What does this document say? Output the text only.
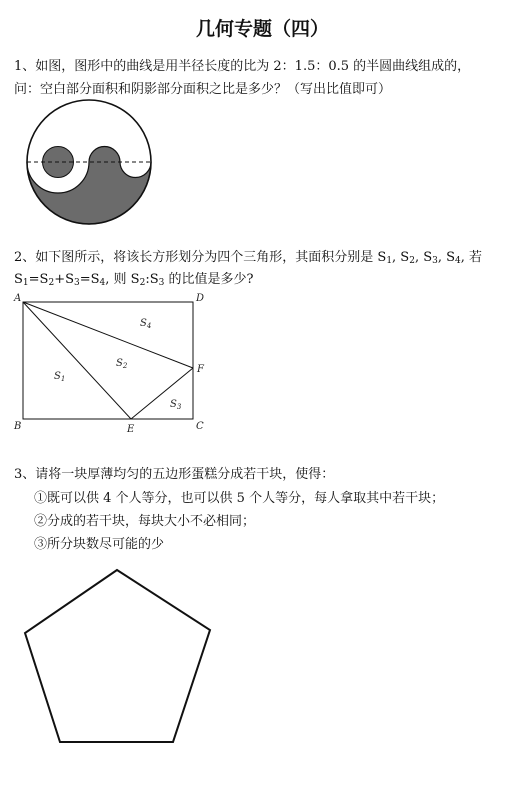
几何专题（四）
1、如图，图形中的曲线是用半径长度的比为 2：1.5：0.5 的半圆曲线组成的，
问：空白部分面积和阴影部分面积之比是多少？（写出比值即可）
2、如下图所示，将该长方形划分为四个三角形，其面积分别是 $S_1$, $S_2$, $S_3$, $S_4$, 若
$S_1=S_2+S_3=S_4$, 则 $S_2:S_3$ 的比值是多少?
A	D
B	C
E
F
$S_1$
$S_2$
$S_3$
$S_4$
3、请将一块厚薄均匀的五边形蛋糕分成若干块，使得：
①既可以供 4 个人等分，也可以供 5 个人等分，每人拿取其中若干块；
②分成的若干块，每块大小不必相同；
③所分块数尽可能的少
